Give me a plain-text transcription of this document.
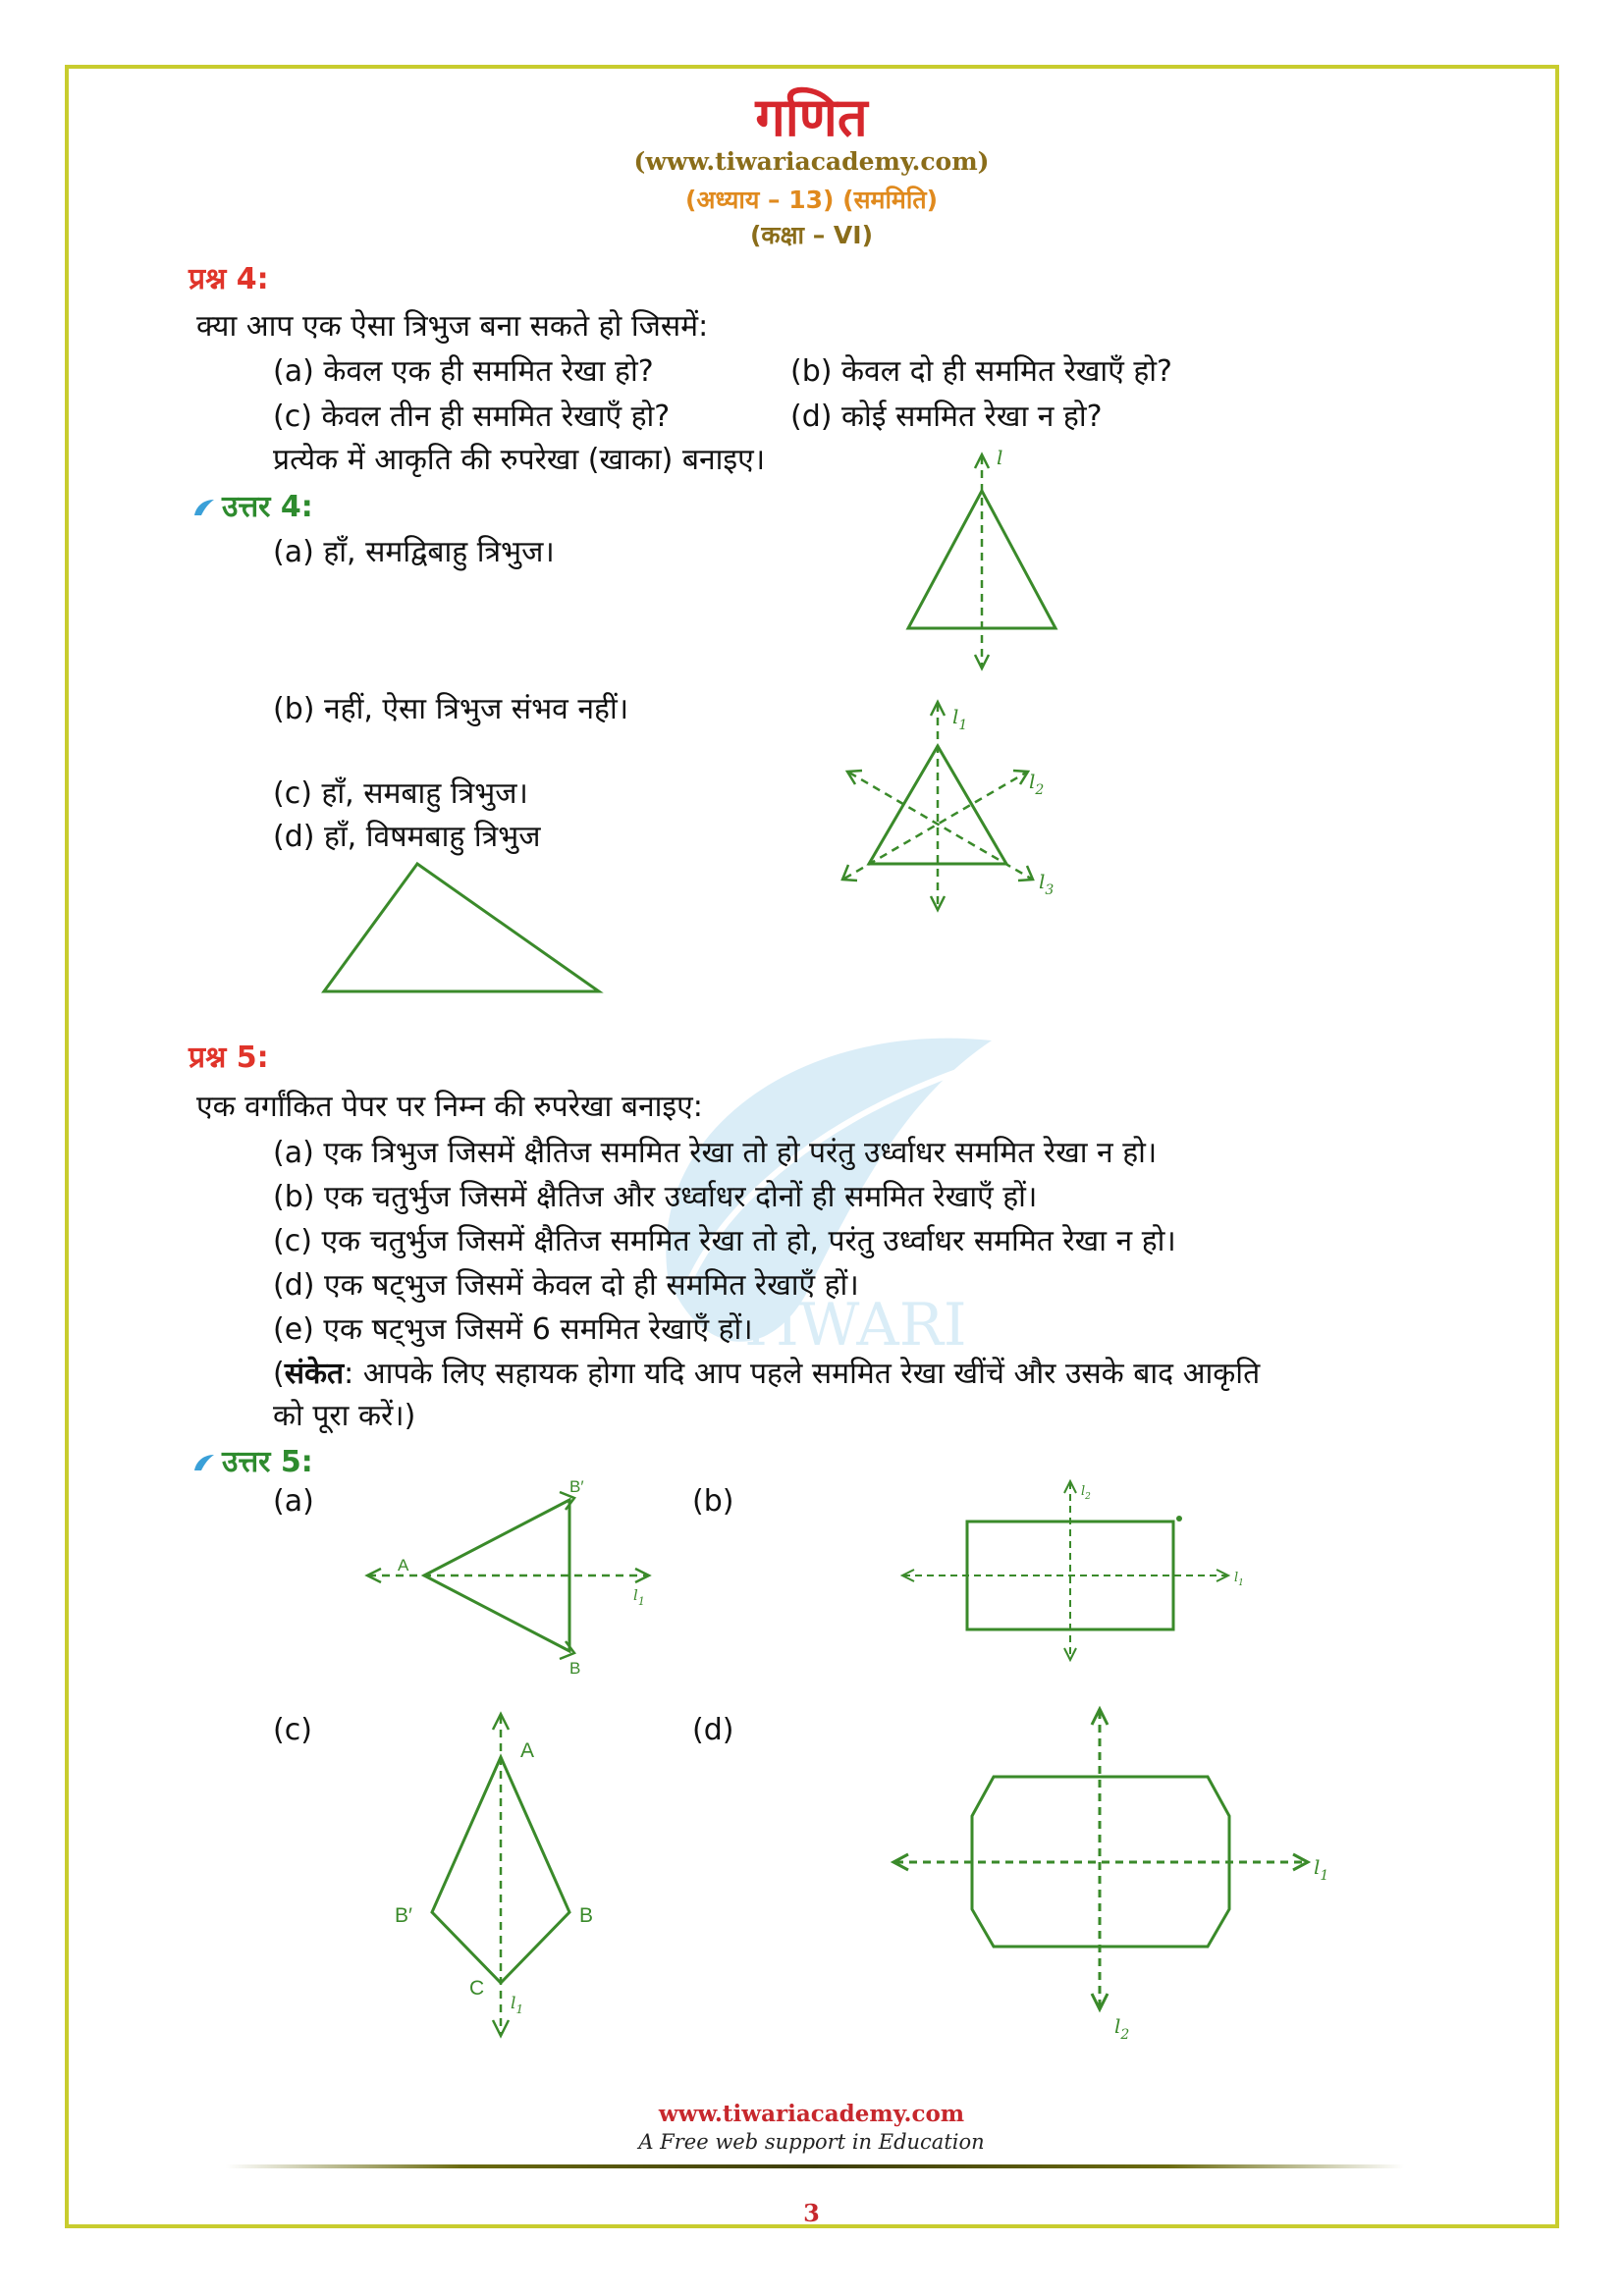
TIWARI
गणित
(www.tiwariacademy.com)
(अध्याय – 13) (सममिति)
(कक्षा – VI)
प्रश्न 4:
क्या आप एक ऐसा त्रिभुज बना सकते हो जिसमें:
(a) केवल एक ही सममित रेखा हो?	(b) केवल दो ही सममित रेखाएँ हो?
(c) केवल तीन ही सममित रेखाएँ हो?	(d) कोई सममित रेखा न हो?
प्रत्येक में आकृति की रुपरेखा (खाका) बनाइए।
उत्तर 4:
(a) हाँ, समद्विबाहु त्रिभुज।
(b) नहीं, ऐसा त्रिभुज संभव नहीं।
(c) हाँ, समबाहु त्रिभुज।
(d) हाँ, विषमबाहु त्रिभुज
l
$l_1$
$l_2$
$l_3$
प्रश्न 5:
एक वर्गांकित पेपर पर निम्न की रुपरेखा बनाइए:
(a) एक त्रिभुज जिसमें क्षैतिज सममित रेखा तो हो परंतु उर्ध्वाधर सममित रेखा न हो।
(b) एक चतुर्भुज जिसमें क्षैतिज और उर्ध्वाधर दोनों ही सममित रेखाएँ हों।
(c) एक चतुर्भुज जिसमें क्षैतिज सममित रेखा तो हो, परंतु उर्ध्वाधर सममित रेखा न हो।
(d) एक षट्भुज जिसमें केवल दो ही सममित रेखाएँ हों।
(e) एक षट्भुज जिसमें 6 सममित रेखाएँ हों।
(संकेत: आपके लिए सहायक होगा यदि आप पहले सममित रेखा खींचें और उसके बाद आकृति
को पूरा करें।)
उत्तर 5:
(a)	(b)
(c)	(d)
A
B′
B
$l_1$
$l_2$
$l_1$
A
B′	B
C
$l_1$
$l_1$
$l_2$
www.tiwariacademy.com
A Free web support in Education
3
